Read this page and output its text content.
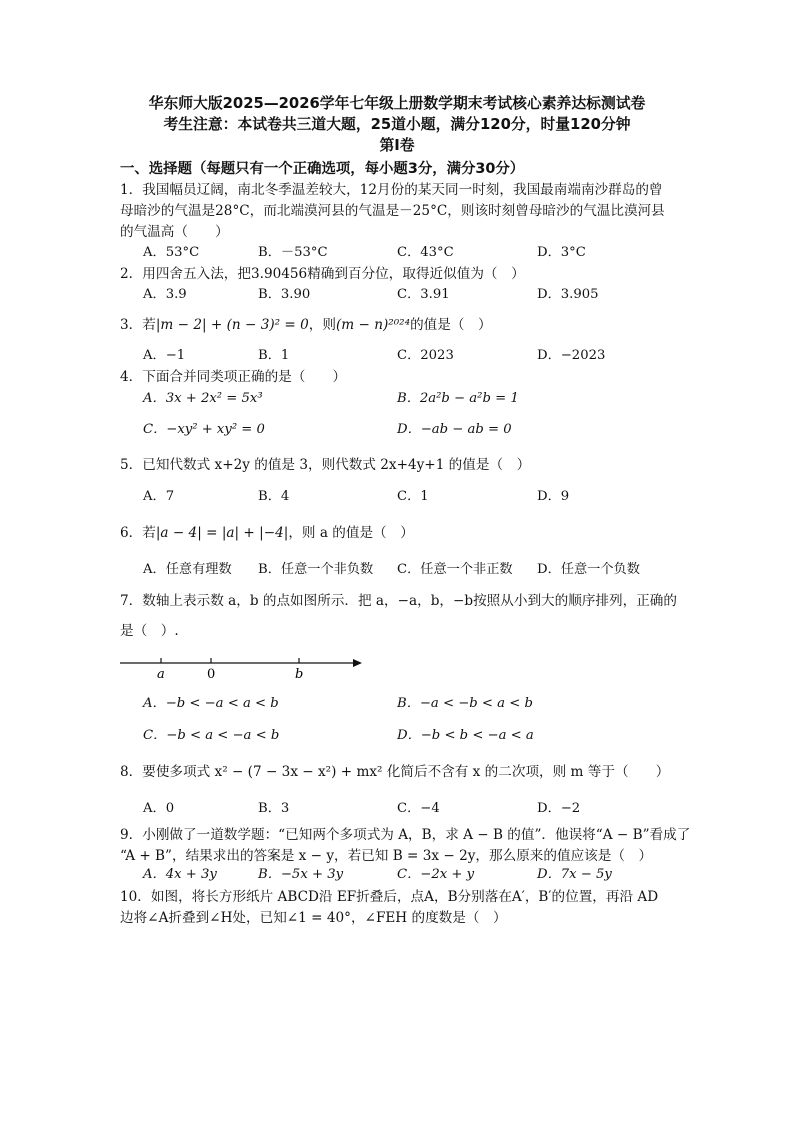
华东师大版2025—2026学年七年级上册数学期末考试核心素养达标测试卷
考生注意：本试卷共三道大题，25道小题，满分120分，时量120分钟
第Ⅰ卷
一、选择题（每题只有一个正确选项，每小题3分，满分30分）
1．我国幅员辽阔，南北冬季温差较大，12月份的某天同一时刻，我国最南端南沙群岛的曾
母暗沙的气温是28°C，而北端漠河县的气温是－25°C，则该时刻曾母暗沙的气温比漠河县
的气温高（　　）
A．53°C	B．－53°C	C．43°C	D．3°C
2．用四舍五入法，把3.90456精确到百分位，取得近似值为（　）
A．3.9	B．3.90	C．3.91	D．3.905
3．若|m − 2| + (n − 3)² = 0，则(m − n)²⁰²⁴的值是（　）
A．−1	B．1	C．2023	D．−2023
4．下面合并同类项正确的是（　　）
A．3x + 2x² = 5x³	B．2a²b − a²b = 1
C．−xy² + xy² = 0	D．−ab − ab = 0
5．已知代数式 x+2y 的值是 3，则代数式 2x+4y+1 的值是（　）
A．7	B．4	C．1	D．9
6．若|a − 4| = |a| + |−4|，则 a 的值是（　）
A．任意有理数 B．任意一个非负数 C．任意一个非正数 D．任意一个负数
7．数轴上表示数 a，b 的点如图所示．把 a，−a，b，−b按照从小到大的顺序排列，正确的
是（　）.
a	0	b
A．−b < −a < a < b	B．−a < −b < a < b
C．−b < a < −a < b	D．−b < b < −a < a
8．要使多项式 x² − (7 − 3x − x²) + mx² 化简后不含有 x 的二次项，则 m 等于（　　）
A．0	B．3	C．−4	D．−2
9．小刚做了一道数学题：“已知两个多项式为 A，B，求 A − B 的值”．他误将“A − B”看成了
“A + B”，结果求出的答案是 x − y，若已知 B = 3x − 2y，那么原来的值应该是（　）
A．4x + 3y	B．−5x + 3y	C．−2x + y	D．7x − 5y
10．如图，将长方形纸片 ABCD沿 EF折叠后，点A，B分别落在A′，B′的位置，再沿 AD
边将∠A折叠到∠H处，已知∠1 = 40°，∠FEH 的度数是（　）
